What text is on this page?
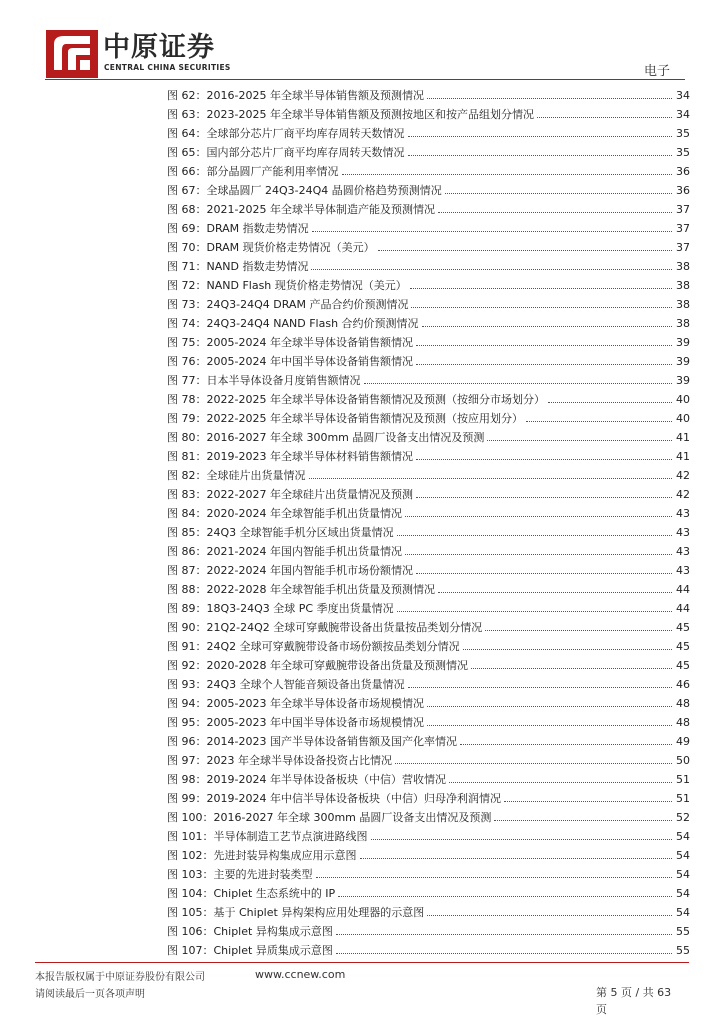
中原证券
CENTRAL CHINA SECURITIES	电子
图 62：2016-2025 年全球半导体销售额及预测情况	34
图 63：2023-2025 年全球半导体销售额及预测按地区和按产品组划分情况	34
图 64：全球部分芯片厂商平均库存周转天数情况	35
图 65：国内部分芯片厂商平均库存周转天数情况	35
图 66：部分晶圆厂产能利用率情况	36
图 67：全球晶圆厂 24Q3-24Q4 晶圆价格趋势预测情况	36
图 68：2021-2025 年全球半导体制造产能及预测情况	37
图 69：DRAM 指数走势情况	37
图 70：DRAM 现货价格走势情况（美元）	37
图 71：NAND 指数走势情况	38
图 72：NAND Flash 现货价格走势情况（美元）	38
图 73：24Q3-24Q4 DRAM 产品合约价预测情况	38
图 74：24Q3-24Q4 NAND Flash 合约价预测情况	38
图 75：2005-2024 年全球半导体设备销售额情况	39
图 76：2005-2024 年中国半导体设备销售额情况	39
图 77：日本半导体设备月度销售额情况	39
图 78：2022-2025 年全球半导体设备销售额情况及预测（按细分市场划分）	40
图 79：2022-2025 年全球半导体设备销售额情况及预测（按应用划分）	40
图 80：2016-2027 年全球 300mm 晶圆厂设备支出情况及预测	41
图 81：2019-2023 年全球半导体材料销售额情况	41
图 82：全球硅片出货量情况	42
图 83：2022-2027 年全球硅片出货量情况及预测	42
图 84：2020-2024 年全球智能手机出货量情况	43
图 85：24Q3 全球智能手机分区域出货量情况	43
图 86：2021-2024 年国内智能手机出货量情况	43
图 87：2022-2024 年国内智能手机市场份额情况	43
图 88：2022-2028 年全球智能手机出货量及预测情况	44
图 89：18Q3-24Q3 全球 PC 季度出货量情况	44
图 90：21Q2-24Q2 全球可穿戴腕带设备出货量按品类划分情况	45
图 91：24Q2 全球可穿戴腕带设备市场份额按品类划分情况	45
图 92：2020-2028 年全球可穿戴腕带设备出货量及预测情况	45
图 93：24Q3 全球个人智能音频设备出货量情况	46
图 94：2005-2023 年全球半导体设备市场规模情况	48
图 95：2005-2023 年中国半导体设备市场规模情况	48
图 96：2014-2023 国产半导体设备销售额及国产化率情况	49
图 97：2023 年全球半导体设备投资占比情况	50
图 98：2019-2024 年半导体设备板块（中信）营收情况	51
图 99：2019-2024 年中信半导体设备板块（中信）归母净利润情况	51
图 100：2016-2027 年全球 300mm 晶圆厂设备支出情况及预测	52
图 101：半导体制造工艺节点演进路线图	54
图 102：先进封装异构集成应用示意图	54
图 103：主要的先进封装类型	54
图 104：Chiplet 生态系统中的 IP	54
图 105：基于 Chiplet 异构架构应用处理器的示意图	54
图 106：Chiplet 异构集成示意图	55
图 107：Chiplet 异质集成示意图	55
本报告版权属于中原证券股份有限公司	www.ccnew.com
请阅读最后一页各项声明	第 5 页 / 共 63
页
